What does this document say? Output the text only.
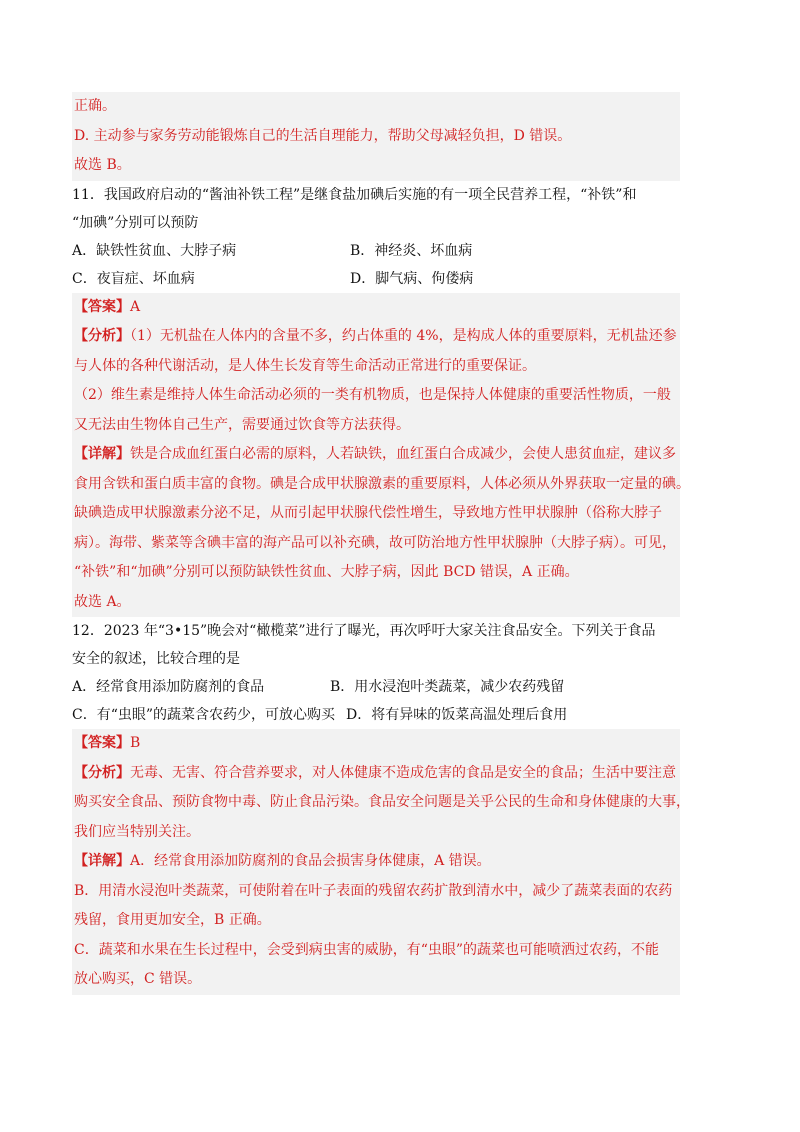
正确。
D. 主动参与家务劳动能锻炼自己的生活自理能力，帮助父母减轻负担，D 错误。
故选 B。
11．我国政府启动的“酱油补铁工程”是继食盐加碘后实施的有一项全民营养工程，“补铁”和
“加碘”分别可以预防
A．缺铁性贫血、大脖子病	B．神经炎、坏血病
C．夜盲症、坏血病	D．脚气病、佝偻病
【答案】A
【分析】（1）无机盐在人体内的含量不多，约占体重的 4%，是构成人体的重要原料，无机盐还参
与人体的各种代谢活动，是人体生长发育等生命活动正常进行的重要保证。
（2）维生素是维持人体生命活动必须的一类有机物质，也是保持人体健康的重要活性物质，一般
又无法由生物体自己生产，需要通过饮食等方法获得。
【详解】铁是合成血红蛋白必需的原料，人若缺铁，血红蛋白合成减少，会使人患贫血症，建议多
食用含铁和蛋白质丰富的食物。碘是合成甲状腺激素的重要原料，人体必须从外界获取一定量的碘。
缺碘造成甲状腺激素分泌不足，从而引起甲状腺代偿性增生，导致地方性甲状腺肿（俗称大脖子
病）。海带、紫菜等含碘丰富的海产品可以补充碘，故可防治地方性甲状腺肿（大脖子病）。可见，
“补铁”和“加碘”分别可以预防缺铁性贫血、大脖子病，因此 BCD 错误，A 正确。
故选 A。
12．2023 年“3•15”晚会对“橄榄菜”进行了曝光，再次呼吁大家关注食品安全。下列关于食品
安全的叙述，比较合理的是
A．经常食用添加防腐剂的食品	B．用水浸泡叶类蔬菜，减少农药残留
C．有“虫眼”的蔬菜含农药少，可放心购买 D．将有异味的饭菜高温处理后食用
【答案】B
【分析】无毒、无害、符合营养要求，对人体健康不造成危害的食品是安全的食品；生活中要注意
购买安全食品、预防食物中毒、防止食品污染。食品安全问题是关乎公民的生命和身体健康的大事，
我们应当特别关注。
【详解】A．经常食用添加防腐剂的食品会损害身体健康，A 错误。
B．用清水浸泡叶类蔬菜，可使附着在叶子表面的残留农药扩散到清水中，减少了蔬菜表面的农药
残留，食用更加安全，B 正确。
C．蔬菜和水果在生长过程中，会受到病虫害的威胁，有“虫眼”的蔬菜也可能喷洒过农药，不能
放心购买，C 错误。
